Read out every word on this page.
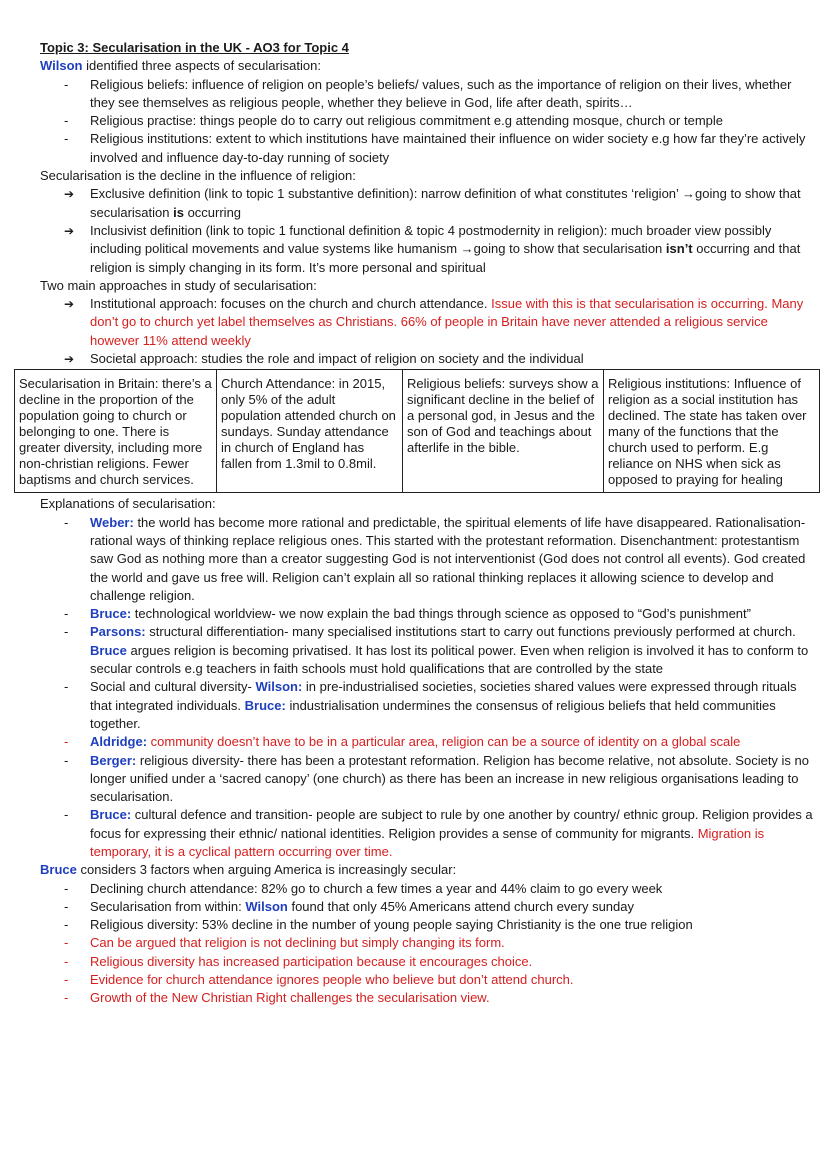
Topic 3: Secularisation in the UK - AO3 for Topic 4
Wilson identified three aspects of secularisation:
- Religious beliefs: influence of religion on people’s beliefs/ values, such as the importance of religion on their lives, whether they see themselves as religious people, whether they believe in God, life after death, spirits…
- Religious practise: things people do to carry out religious commitment e.g attending mosque, church or temple
- Religious institutions: extent to which institutions have maintained their influence on wider society e.g how far they’re actively involved and influence day-to-day running of society
Secularisation is the decline in the influence of religion:
➔ Exclusive definition (link to topic 1 substantive definition): narrow definition of what constitutes ‘religion’ →going to show that secularisation is occurring
➔ Inclusivist definition (link to topic 1 functional definition & topic 4 postmodernity in religion): much broader view possibly including political movements and value systems like humanism →going to show that secularisation isn’t occurring and that religion is simply changing in its form. It’s more personal and spiritual
Two main approaches in study of secularisation:
➔ Institutional approach: focuses on the church and church attendance. Issue with this is that secularisation is occurring. Many don’t go to church yet label themselves as Christians. 66% of people in Britain have never attended a religious service however 11% attend weekly
➔ Societal approach: studies the role and impact of religion on society and the individual
Secularisation in Britain: there’s a decline in the proportion of the population going to church or belonging to one. There is greater diversity, including more non-christian religions. Fewer baptisms and church services.	Church Attendance: in 2015, only 5% of the adult population attended church on sundays. Sunday attendance in church of England has fallen from 1.3mil to 0.8mil.	Religious beliefs: surveys show a significant decline in the belief of a personal god, in Jesus and the son of God and teachings about afterlife in the bible.	Religious institutions: Influence of religion as a social institution has declined. The state has taken over many of the functions that the church used to perform. E.g reliance on NHS when sick as opposed to praying for healing
Explanations of secularisation:
- Weber: the world has become more rational and predictable, the spiritual elements of life have disappeared. Rationalisation- rational ways of thinking replace religious ones. This started with the protestant reformation. Disenchantment: protestantism saw God as nothing more than a creator suggesting God is not interventionist (God does not control all events). God created the world and gave us free will. Religion can’t explain all so rational thinking replaces it allowing science to develop and challenge religion.
- Bruce: technological worldview- we now explain the bad things through science as opposed to “God’s punishment”
- Parsons: structural differentiation- many specialised institutions start to carry out functions previously performed at church. Bruce argues religion is becoming privatised. It has lost its political power. Even when religion is involved it has to conform to secular controls e.g teachers in faith schools must hold qualifications that are controlled by the state
- Social and cultural diversity- Wilson: in pre-industrialised societies, societies shared values were expressed through rituals that integrated individuals. Bruce: industrialisation undermines the consensus of religious beliefs that held communities together.
- Aldridge: community doesn’t have to be in a particular area, religion can be a source of identity on a global scale
- Berger: religious diversity- there has been a protestant reformation. Religion has become relative, not absolute. Society is no longer unified under a ‘sacred canopy’ (one church) as there has been an increase in new religious organisations leading to secularisation.
- Bruce: cultural defence and transition- people are subject to rule by one another by country/ ethnic group. Religion provides a focus for expressing their ethnic/ national identities. Religion provides a sense of community for migrants. Migration is temporary, it is a cyclical pattern occurring over time.
Bruce considers 3 factors when arguing America is increasingly secular:
- Declining church attendance: 82% go to church a few times a year and 44% claim to go every week
- Secularisation from within: Wilson found that only 45% Americans attend church every sunday
- Religious diversity: 53% decline in the number of young people saying Christianity is the one true religion
- Can be argued that religion is not declining but simply changing its form.
- Religious diversity has increased participation because it encourages choice.
- Evidence for church attendance ignores people who believe but don’t attend church.
- Growth of the New Christian Right challenges the secularisation view.
